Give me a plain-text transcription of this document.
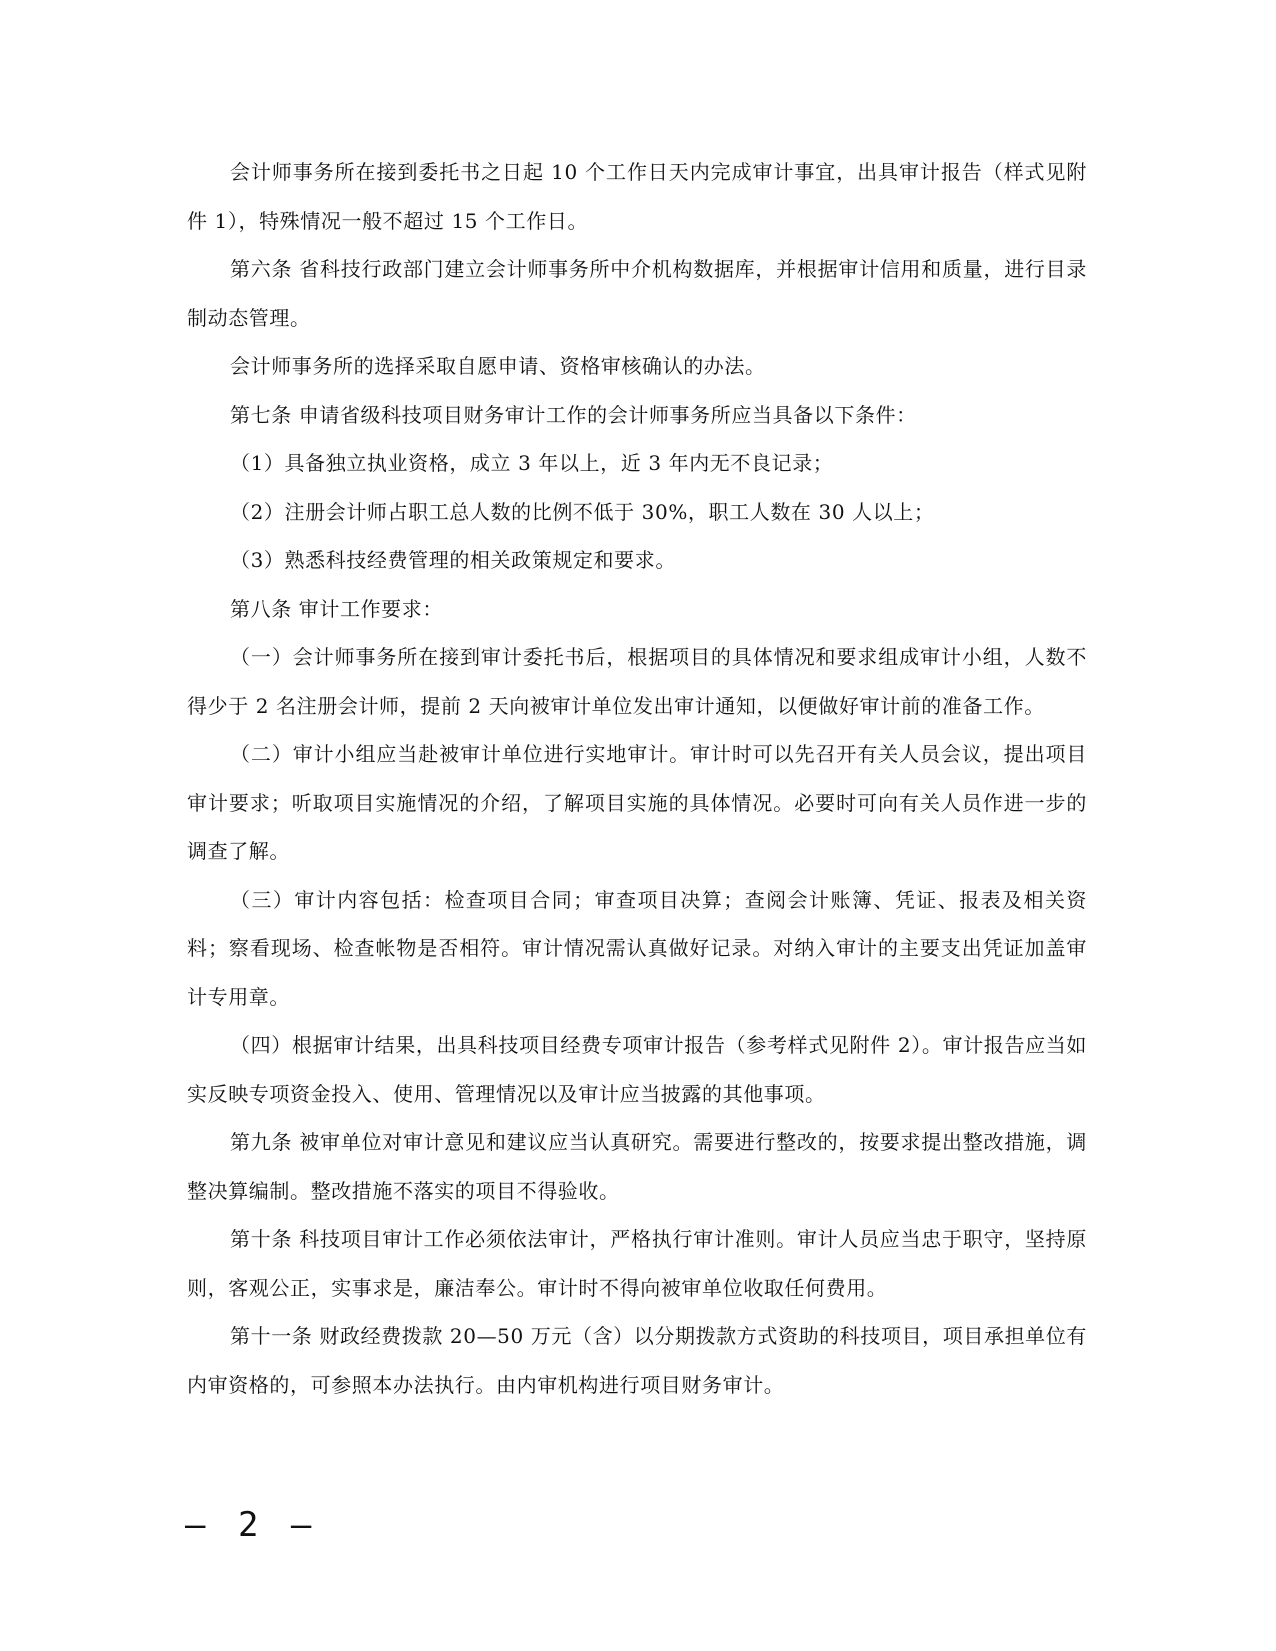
会计师事务所在接到委托书之日起 10 个工作日天内完成审计事宜，出具审计报告（样式见附件 1），特殊情况一般不超过 15 个工作日。

第六条 省科技行政部门建立会计师事务所中介机构数据库，并根据审计信用和质量，进行目录制动态管理。

会计师事务所的选择采取自愿申请、资格审核确认的办法。

第七条 申请省级科技项目财务审计工作的会计师事务所应当具备以下条件：

（1）具备独立执业资格，成立 3 年以上，近 3 年内无不良记录；

（2）注册会计师占职工总人数的比例不低于 30%，职工人数在 30 人以上；

（3）熟悉科技经费管理的相关政策规定和要求。

第八条 审计工作要求：

（一）会计师事务所在接到审计委托书后，根据项目的具体情况和要求组成审计小组，人数不得少于 2 名注册会计师，提前 2 天向被审计单位发出审计通知，以便做好审计前的准备工作。

（二）审计小组应当赴被审计单位进行实地审计。审计时可以先召开有关人员会议，提出项目审计要求；听取项目实施情况的介绍，了解项目实施的具体情况。必要时可向有关人员作进一步的调查了解。

（三）审计内容包括：检查项目合同；审查项目决算；查阅会计账簿、凭证、报表及相关资料；察看现场、检查帐物是否相符。审计情况需认真做好记录。对纳入审计的主要支出凭证加盖审计专用章。

（四）根据审计结果，出具科技项目经费专项审计报告（参考样式见附件 2）。审计报告应当如实反映专项资金投入、使用、管理情况以及审计应当披露的其他事项。

第九条 被审单位对审计意见和建议应当认真研究。需要进行整改的，按要求提出整改措施，调整决算编制。整改措施不落实的项目不得验收。

第十条 科技项目审计工作必须依法审计，严格执行审计准则。审计人员应当忠于职守，坚持原则，客观公正，实事求是，廉洁奉公。审计时不得向被审单位收取任何费用。

第十一条 财政经费拨款 20—50 万元（含）以分期拨款方式资助的科技项目，项目承担单位有内审资格的，可参照本办法执行。由内审机构进行项目财务审计。

— 2 —
